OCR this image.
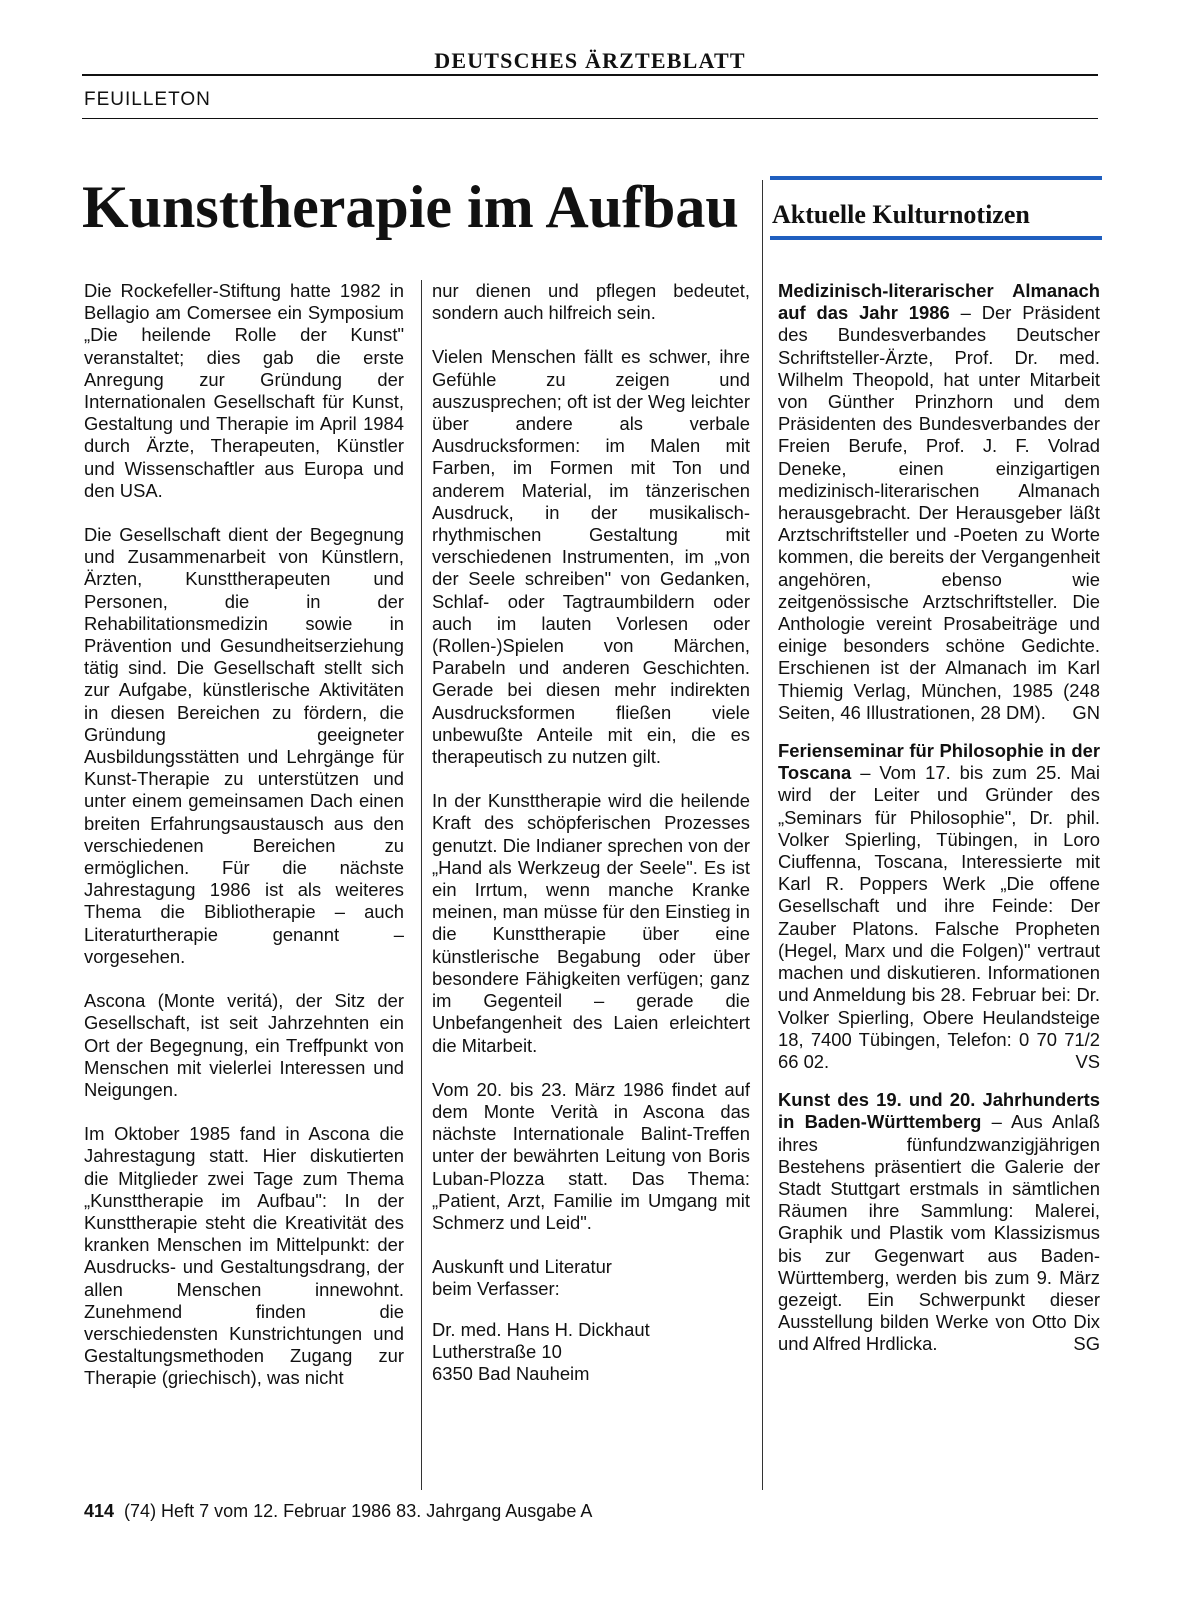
DEUTSCHES ÄRZTEBLATT
FEUILLETON
Kunsttherapie im Aufbau	Aktuelle Kulturnotizen

Die Rockefeller-Stiftung hatte 1982 in Bellagio am Comersee ein Symposium „Die heilende Rolle der Kunst" veranstaltet; dies gab die erste Anregung zur Gründung der Internationalen Gesellschaft für Kunst, Gestaltung und Therapie im April 1984 durch Ärzte, Therapeuten, Künstler und Wissenschaftler aus Europa und den USA.

Die Gesellschaft dient der Begegnung und Zusammenarbeit von Künstlern, Ärzten, Kunsttherapeuten und Personen, die in der Rehabilitationsmedizin sowie in Prävention und Gesundheitserziehung tätig sind. Die Gesellschaft stellt sich zur Aufgabe, künstlerische Aktivitäten in diesen Bereichen zu fördern, die Gründung geeigneter Ausbildungsstätten und Lehrgänge für Kunst-Therapie zu unterstützen und unter einem gemeinsamen Dach einen breiten Erfahrungsaustausch aus den verschiedenen Bereichen zu ermöglichen. Für die nächste Jahrestagung 1986 ist als weiteres Thema die Bibliotherapie – auch Literaturtherapie genannt – vorgesehen.

Ascona (Monte veritá), der Sitz der Gesellschaft, ist seit Jahrzehnten ein Ort der Begegnung, ein Treffpunkt von Menschen mit vielerlei Interessen und Neigungen.

Im Oktober 1985 fand in Ascona die Jahrestagung statt. Hier diskutierten die Mitglieder zwei Tage zum Thema „Kunsttherapie im Aufbau": In der Kunsttherapie steht die Kreativität des kranken Menschen im Mittelpunkt: der Ausdrucks- und Gestaltungsdrang, der allen Menschen innewohnt. Zunehmend finden die verschiedensten Kunstrichtungen und Gestaltungsmethoden Zugang zur Therapie (griechisch), was nicht

nur dienen und pflegen bedeutet, sondern auch hilfreich sein.

Vielen Menschen fällt es schwer, ihre Gefühle zu zeigen und auszusprechen; oft ist der Weg leichter über andere als verbale Ausdrucksformen: im Malen mit Farben, im Formen mit Ton und anderem Material, im tänzerischen Ausdruck, in der musikalisch-rhythmischen Gestaltung mit verschiedenen Instrumenten, im „von der Seele schreiben" von Gedanken, Schlaf- oder Tagtraumbildern oder auch im lauten Vorlesen oder (Rollen-)Spielen von Märchen, Parabeln und anderen Geschichten. Gerade bei diesen mehr indirekten Ausdrucksformen fließen viele unbewußte Anteile mit ein, die es therapeutisch zu nutzen gilt.

In der Kunsttherapie wird die heilende Kraft des schöpferischen Prozesses genutzt. Die Indianer sprechen von der „Hand als Werkzeug der Seele". Es ist ein Irrtum, wenn manche Kranke meinen, man müsse für den Einstieg in die Kunsttherapie über eine künstlerische Begabung oder über besondere Fähigkeiten verfügen; ganz im Gegenteil – gerade die Unbefangenheit des Laien erleichtert die Mitarbeit.

Vom 20. bis 23. März 1986 findet auf dem Monte Verità in Ascona das nächste Internationale Balint-Treffen unter der bewährten Leitung von Boris Luban-Plozza statt. Das Thema: „Patient, Arzt, Familie im Umgang mit Schmerz und Leid".

Auskunft und Literatur
beim Verfasser:
Dr. med. Hans H. Dickhaut
Lutherstraße 10
6350 Bad Nauheim

Medizinisch-literarischer Almanach auf das Jahr 1986 – Der Präsident des Bundesverbandes Deutscher Schriftsteller-Ärzte, Prof. Dr. med. Wilhelm Theopold, hat unter Mitarbeit von Günther Prinzhorn und dem Präsidenten des Bundesverbandes der Freien Berufe, Prof. J. F. Volrad Deneke, einen einzigartigen medizinisch-literarischen Almanach herausgebracht. Der Herausgeber läßt Arztschriftsteller und -Poeten zu Worte kommen, die bereits der Vergangenheit angehören, ebenso wie zeitgenössische Arztschriftsteller. Die Anthologie vereint Prosabeiträge und einige besonders schöne Gedichte. Erschienen ist der Almanach im Karl Thiemig Verlag, München, 1985 (248 Seiten, 46 Illustrationen, 28 DM).	GN

Ferienseminar für Philosophie in der Toscana – Vom 17. bis zum 25. Mai wird der Leiter und Gründer des „Seminars für Philosophie", Dr. phil. Volker Spierling, Tübingen, in Loro Ciuffenna, Toscana, Interessierte mit Karl R. Poppers Werk „Die offene Gesellschaft und ihre Feinde: Der Zauber Platons. Falsche Propheten (Hegel, Marx und die Folgen)" vertraut machen und diskutieren. Informationen und Anmeldung bis 28. Februar bei: Dr. Volker Spierling, Obere Heulandsteige 18, 7400 Tübingen, Telefon: 0 70 71/2 66 02.	VS

Kunst des 19. und 20. Jahrhunderts in Baden-Württemberg – Aus Anlaß ihres fünfundzwanzigjährigen Bestehens präsentiert die Galerie der Stadt Stuttgart erstmals in sämtlichen Räumen ihre Sammlung: Malerei, Graphik und Plastik vom Klassizismus bis zur Gegenwart aus Baden-Württemberg, werden bis zum 9. März gezeigt. Ein Schwerpunkt dieser Ausstellung bilden Werke von Otto Dix und Alfred Hrdlicka.	SG

414 (74) Heft 7 vom 12. Februar 1986 83. Jahrgang Ausgabe A
